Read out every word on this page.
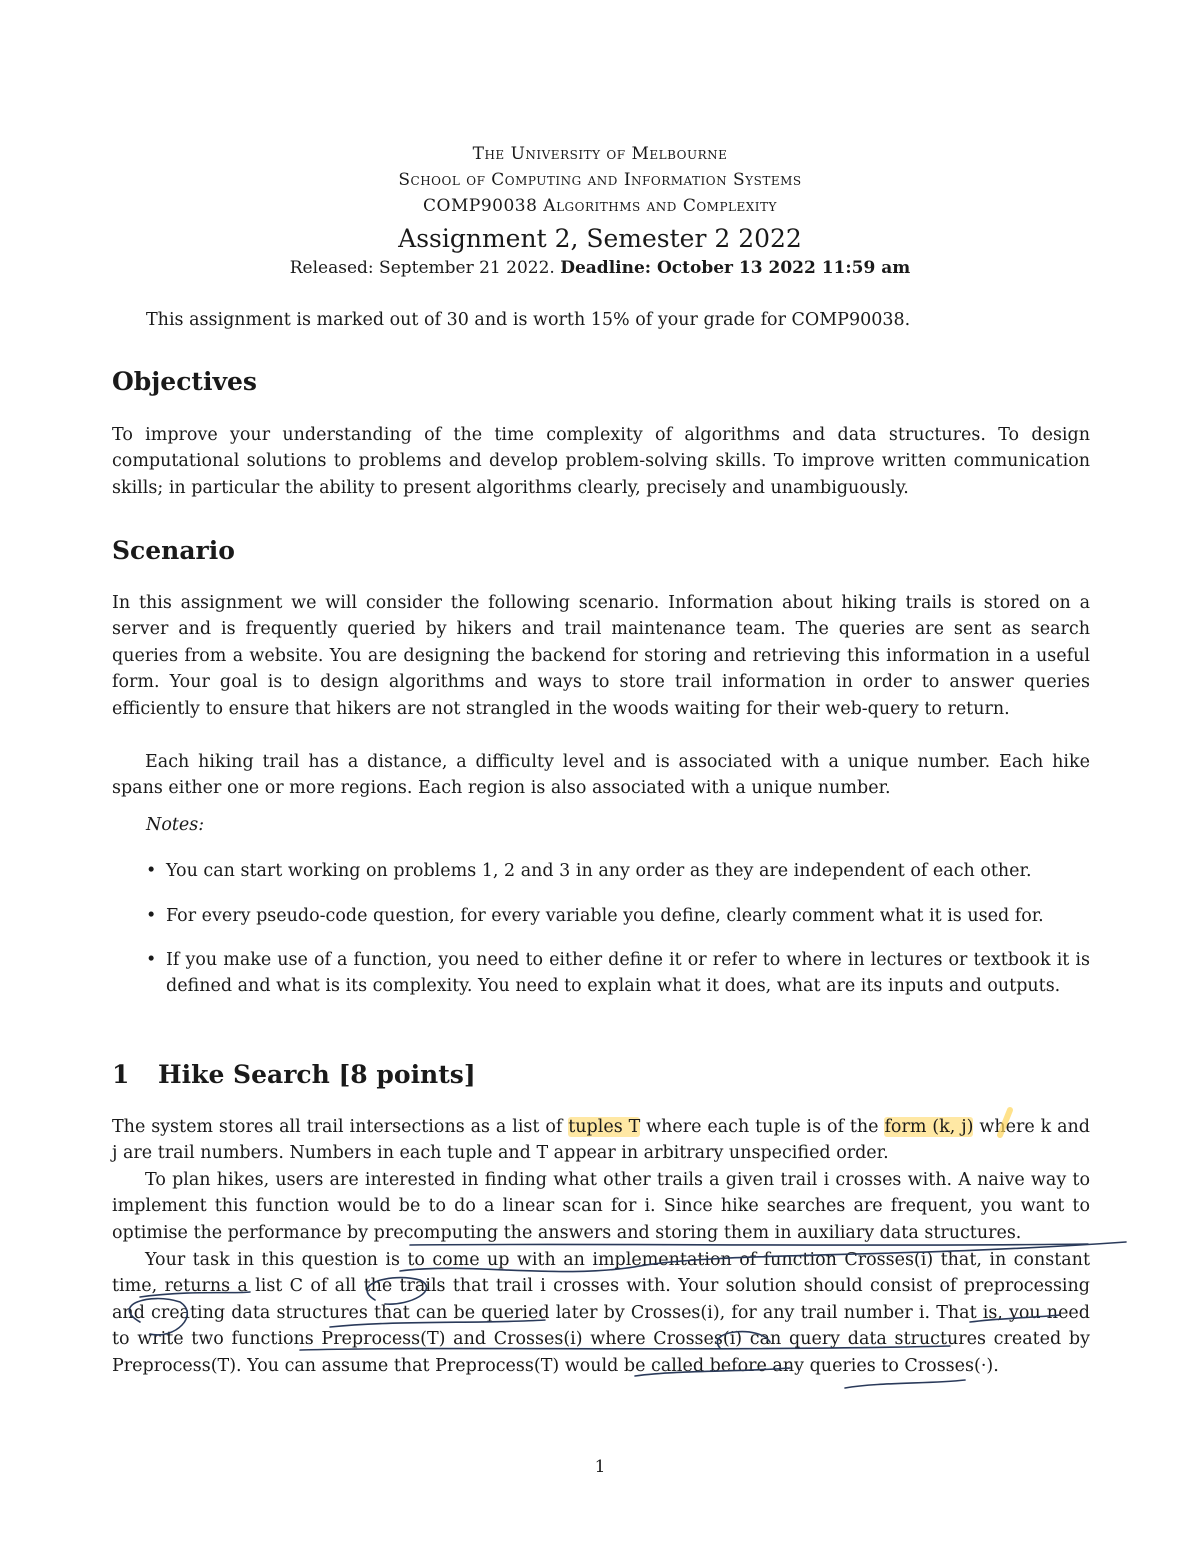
The University of Melbourne
School of Computing and Information Systems
COMP90038 Algorithms and Complexity
Assignment 2, Semester 2 2022
Released: September 21 2022. Deadline: October 13 2022 11:59 am

This assignment is marked out of 30 and is worth 15% of your grade for COMP90038.

Objectives

To improve your understanding of the time complexity of algorithms and data structures. To design computational solutions to problems and develop problem-solving skills. To improve written communication skills; in particular the ability to present algorithms clearly, precisely and unambiguously.

Scenario

In this assignment we will consider the following scenario. Information about hiking trails is stored on a server and is frequently queried by hikers and trail maintenance team. The queries are sent as search queries from a website. You are designing the backend for storing and retrieving this information in a useful form. Your goal is to design algorithms and ways to store trail information in order to answer queries efficiently to ensure that hikers are not strangled in the woods waiting for their web-query to return.

Each hiking trail has a distance, a difficulty level and is associated with a unique number. Each hike spans either one or more regions. Each region is also associated with a unique number.

Notes:
• You can start working on problems 1, 2 and 3 in any order as they are independent of each other.
• For every pseudo-code question, for every variable you define, clearly comment what it is used for.
• If you make use of a function, you need to either define it or refer to where in lectures or textbook it is defined and what is its complexity. You need to explain what it does, what are its inputs and outputs.
1 Hike Search [8 points]

The system stores all trail intersections as a list of tuples T where each tuple is of the form (k, j) where k and j are trail numbers. Numbers in each tuple and T appear in arbitrary unspecified order.

To plan hikes, users are interested in finding what other trails a given trail i crosses with. A naive way to implement this function would be to do a linear scan for i. Since hike searches are frequent, you want to optimise the performance by precomputing the answers and storing them in auxiliary data structures.

Your task in this question is to come up with an implementation of function Crosses(i) that, in constant time, returns a list C of all the trails that trail i crosses with. Your solution should consist of preprocessing and creating data structures that can be queried later by Crosses(i), for any trail number i. That is, you need to write two functions Preprocess(T) and Crosses(i) where Crosses(i) can query data structures created by Preprocess(T). You can assume that Preprocess(T) would be called before any queries to Crosses(·).

1
